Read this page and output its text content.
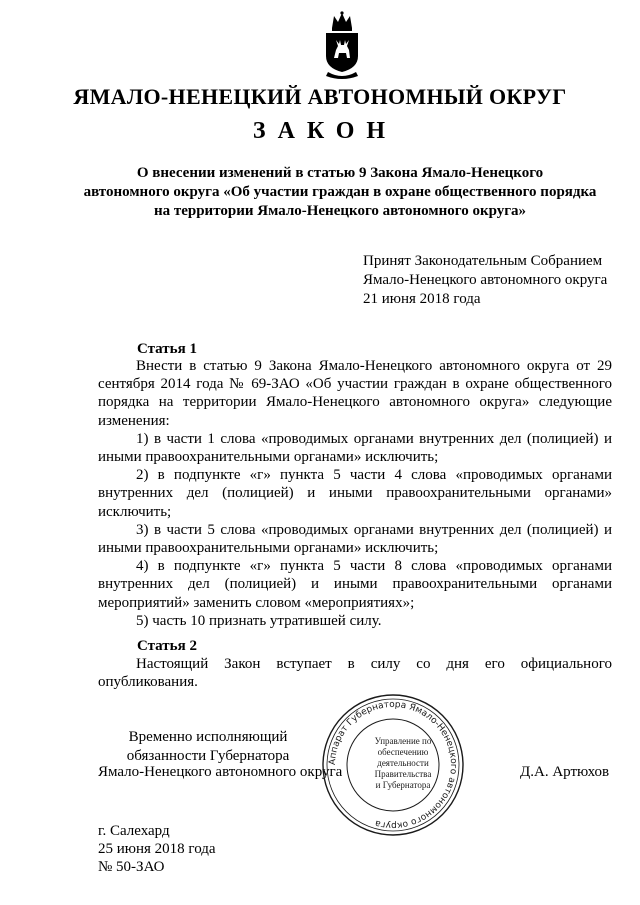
ЯМАЛО-НЕНЕЦКИЙ АВТОНОМНЫЙ ОКРУГ
ЗАКОН
О внесении изменений в статью 9 Закона Ямало-Ненецкого
автономного округа «Об участии граждан в охране общественного порядка
на территории Ямало-Ненецкого автономного округа»
Принят Законодательным Собранием
Ямало-Ненецкого автономного округа
21 июня 2018 года
Статья 1

Внести в статью 9 Закона Ямало-Ненецкого автономного округа от 29 сентября 2014 года № 69-ЗАО «Об участии граждан в охране общественного порядка на территории Ямало-Ненецкого автономного округа» следующие изменения:

1) в части 1 слова «проводимых органами внутренних дел (полицией) и иными правоохранительными органами» исключить;

2) в подпункте «г» пункта 5 части 4 слова «проводимых органами внутренних дел (полицией) и иными правоохранительными органами» исключить;

3) в части 5 слова «проводимых органами внутренних дел (полицией) и иными правоохранительными органами» исключить;

4) в подпункте «г» пункта 5 части 8 слова «проводимых органами внутренних дел (полицией) и иными правоохранительными органами мероприятий» заменить словом «мероприятиях»;

5) часть 10 признать утратившей силу.

Статья 2

Настоящий Закон вступает в силу со дня его официального опубликования.

Временно исполняющий
обязанности Губернатора
Ямало-Ненецкого автономного округа
Аппарат Губернатора Ямало-Ненецкого автономного округа
Управление по
обеспечению
деятельности
Правительства
и Губернатора
Д.А. Артюхов
г. Салехард
25 июня 2018 года
№ 50-ЗАО
